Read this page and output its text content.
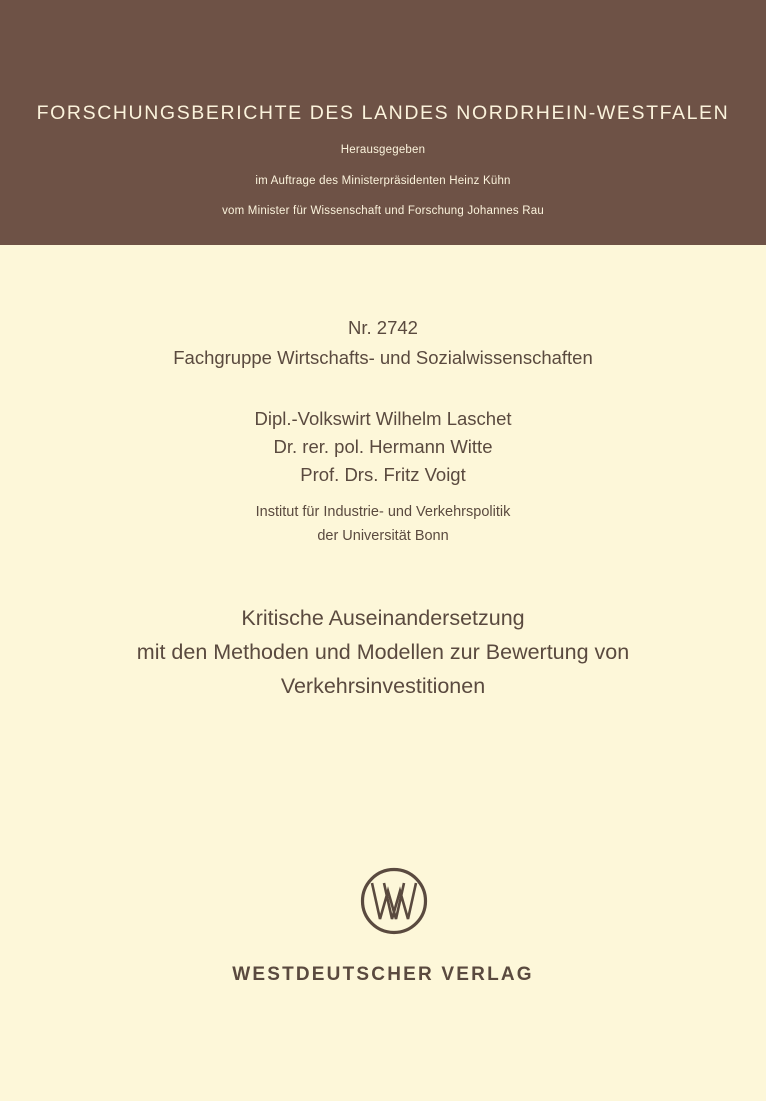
FORSCHUNGSBERICHTE DES LANDES NORDRHEIN-WESTFALEN
Herausgegeben
im Auftrage des Ministerpräsidenten Heinz Kühn
vom Minister für Wissenschaft und Forschung Johannes Rau
Nr. 2742
Fachgruppe Wirtschafts- und Sozialwissenschaften
Dipl.-Volkswirt Wilhelm Laschet
Dr. rer. pol. Hermann Witte
Prof. Drs. Fritz Voigt
Institut für Industrie- und Verkehrspolitik
der Universität Bonn
Kritische Auseinandersetzung
mit den Methoden und Modellen zur Bewertung von
Verkehrsinvestitionen
WESTDEUTSCHER VERLAG
